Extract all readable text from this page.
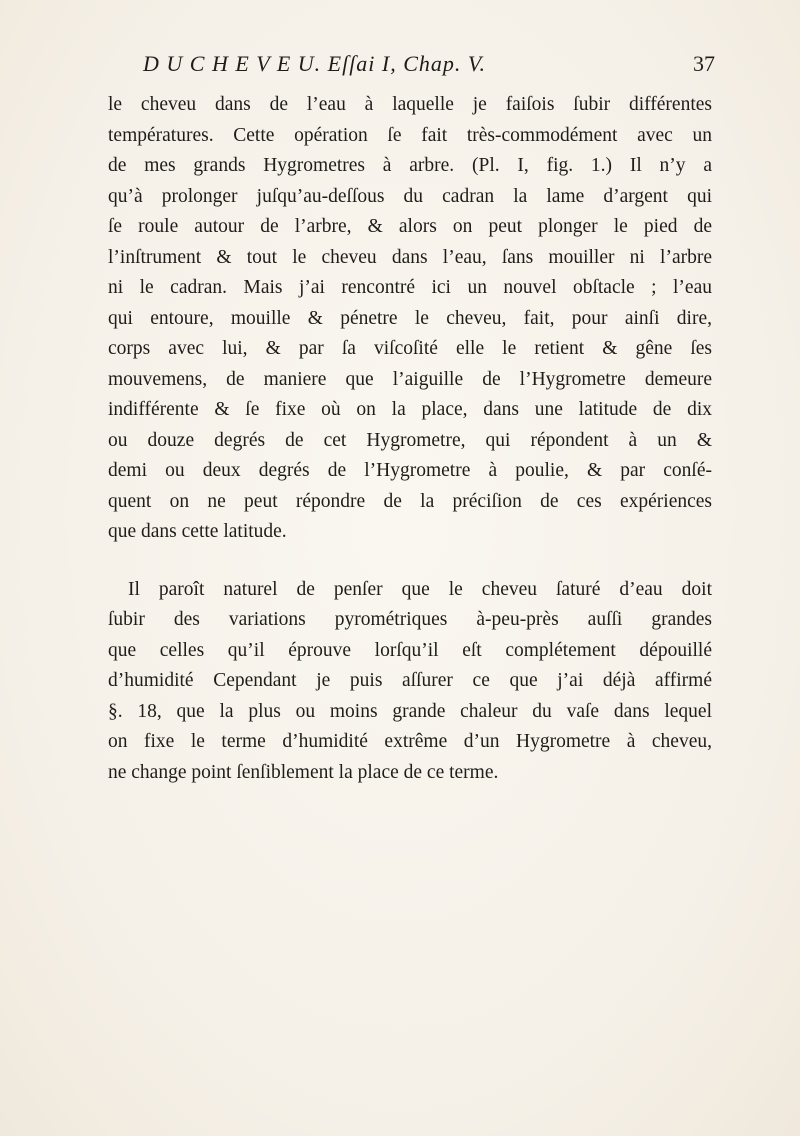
D U C H E V E U. Eſſai I, Chap. V.	37
le cheveu dans de l’eau à laquelle je faiſois ſubir différentes
températures. Cette opération ſe fait très-commodément avec un
de mes grands Hygrometres à arbre. (Pl. I, fig. 1.) Il n’y a
qu’à prolonger juſqu’au-deſſous du cadran la lame d’argent qui
ſe roule autour de l’arbre, & alors on peut plonger le pied de
l’inſtrument & tout le cheveu dans l’eau, ſans mouiller ni l’arbre
ni le cadran. Mais j’ai rencontré ici un nouvel obſtacle ; l’eau
qui entoure, mouille & pénetre le cheveu, fait, pour ainſi dire,
corps avec lui, & par ſa viſcoſité elle le retient & gêne ſes
mouvemens, de maniere que l’aiguille de l’Hygrometre demeure
indifférente & ſe fixe où on la place, dans une latitude de dix
ou douze degrés de cet Hygrometre, qui répondent à un &
demi ou deux degrés de l’Hygrometre à poulie, & par conſé-
quent on ne peut répondre de la préciſion de ces expériences
que dans cette latitude.
Il paroît naturel de penſer que le cheveu ſaturé d’eau doit
ſubir des variations pyrométriques à-peu-près auſſi grandes
que celles qu’il éprouve lorſqu’il eſt complétement dépouillé
d’humidité Cependant je puis aſſurer ce que j’ai déjà affirmé
§. 18, que la plus ou moins grande chaleur du vaſe dans lequel
on fixe le terme d’humidité extrême d’un Hygrometre à cheveu,
ne change point ſenſiblement la place de ce terme.
